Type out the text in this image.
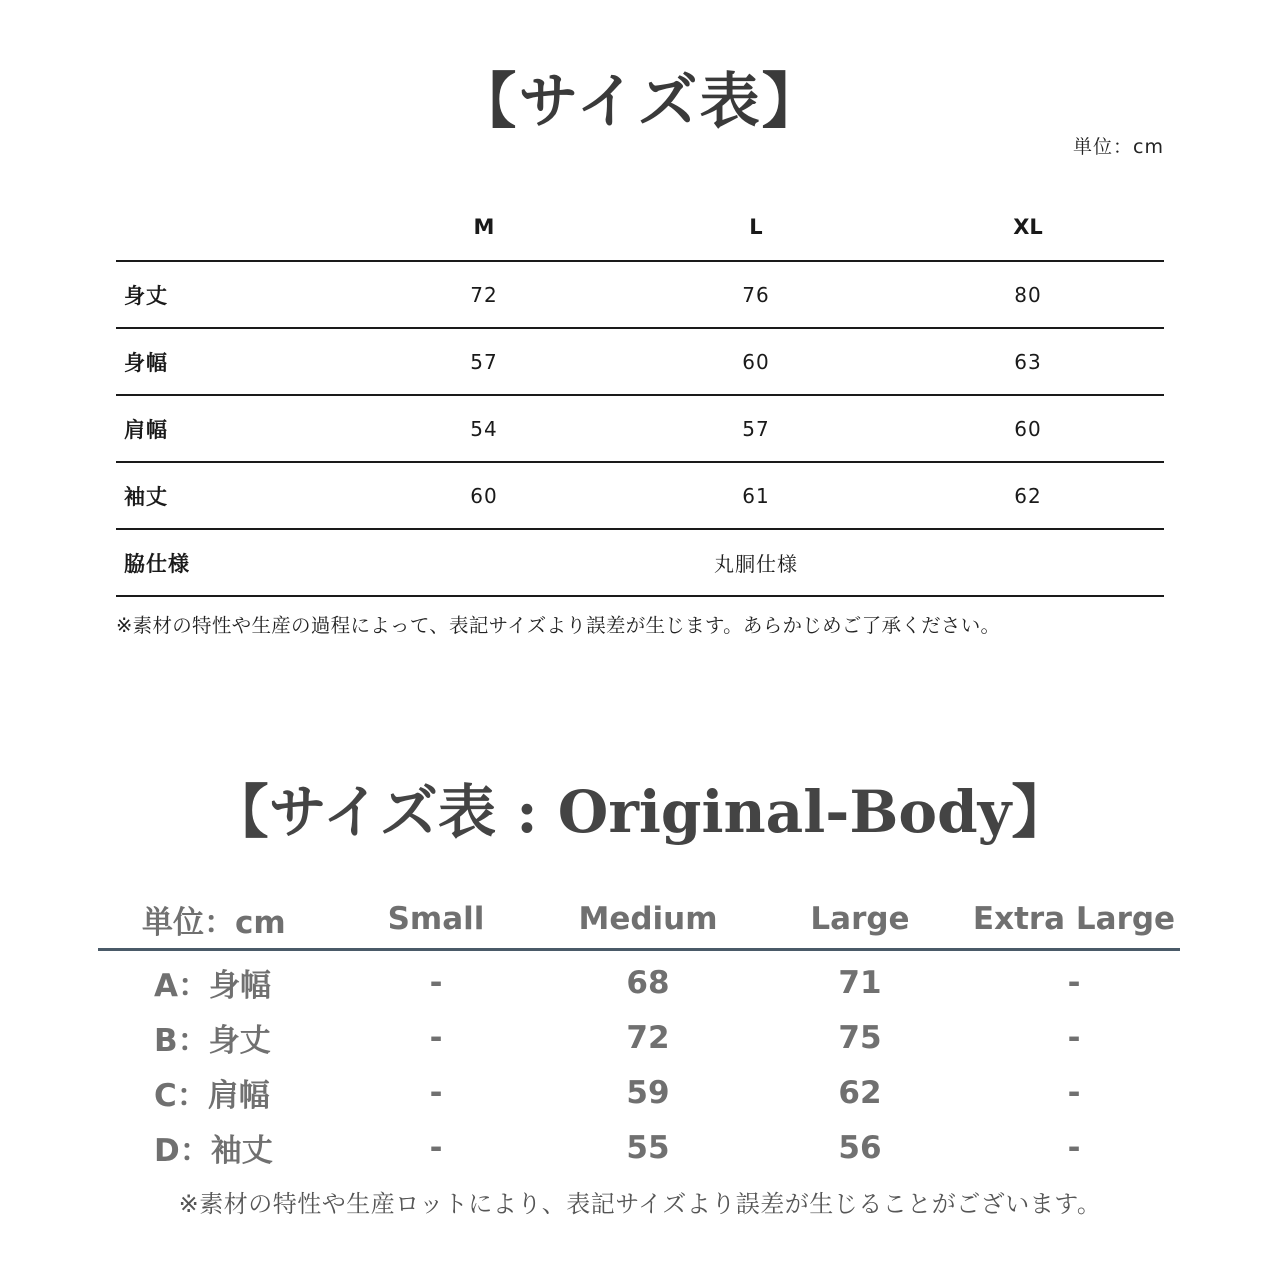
【サイズ表】
単位：cm
	M	L	XL
身丈	72	76	80
身幅	57	60	63
肩幅	54	57	60
袖丈	60	61	62
脇仕様	丸胴仕様		
※素材の特性や生産の過程によって、表記サイズより誤差が生じます。あらかじめご了承ください。
【サイズ表 : Original-Body】
単位：cm	Small	Medium	Large	Extra Large
A：身幅	-	68	71	-
B：身丈	-	72	75	-
C：肩幅	-	59	62	-
D：袖丈	-	55	56	-
※素材の特性や生産ロットにより、表記サイズより誤差が生じることがございます。
